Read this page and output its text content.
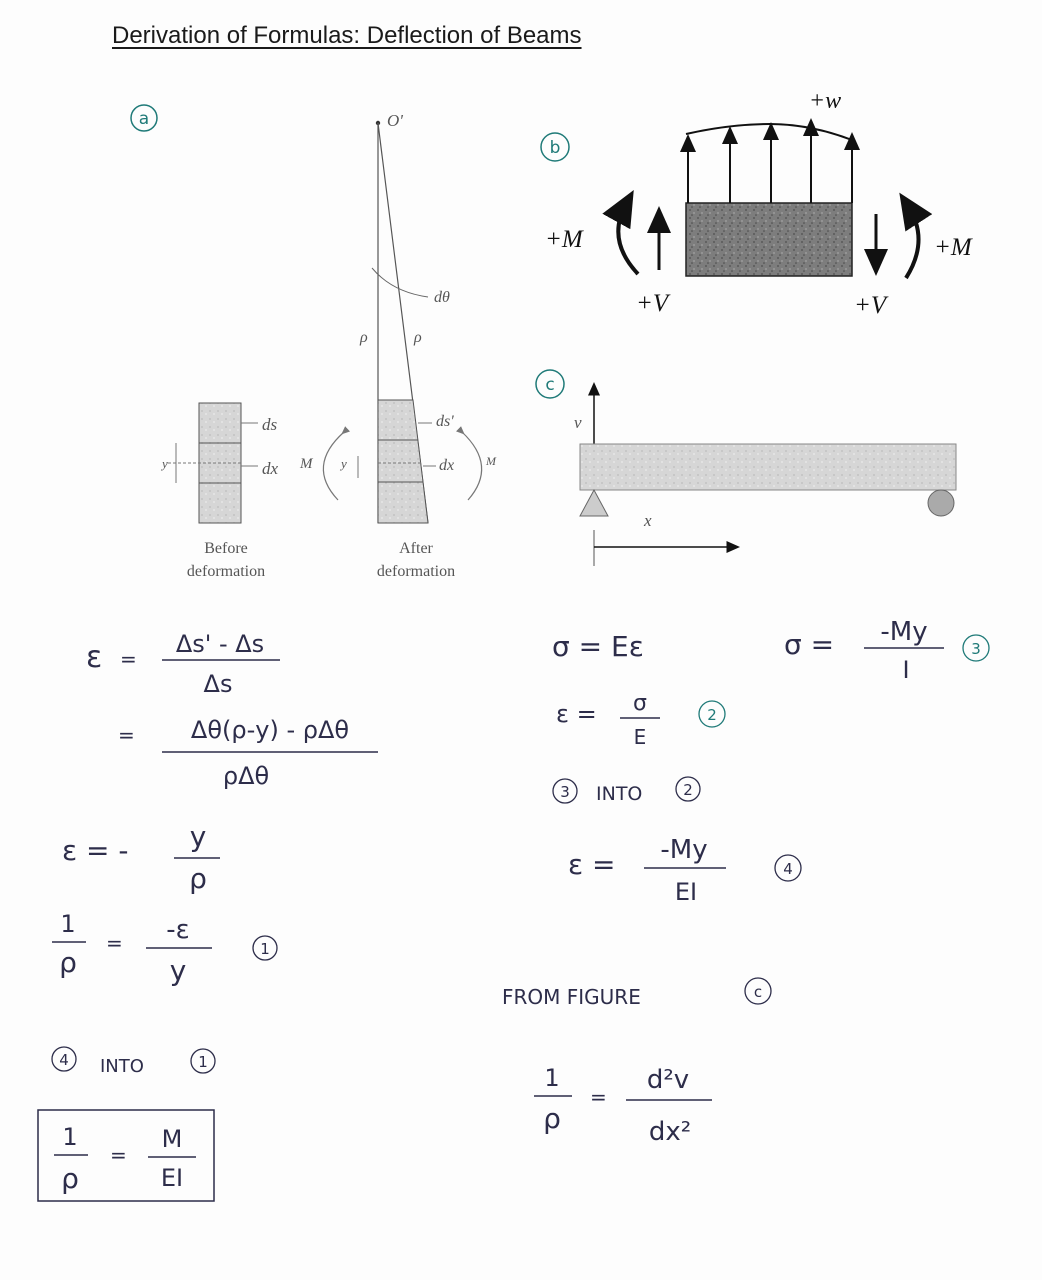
Derivation of Formulas: Deflection of Beams
a
y
ds
dx
Before
deformation
O'
dθ
ρ	ρ
ds'
dx
y
M	M
After
deformation
b
+w
+M	+M
+V	+V
c
v
x
ε =
Δs' - Δs
Δs
= Δθ(ρ-y) - ρΔθ
ρΔθ
ε = - y
ρ
1
ρ
= -ε
y
1
4 INTO	1
1
ρ
=
M
EI
σ = Eε	σ = -My
I
3
ε = σ
E
2
3 INTO	2
ε = -My
EI
4
FROM FIGURE	c
1
ρ
=
d²v
dx²
